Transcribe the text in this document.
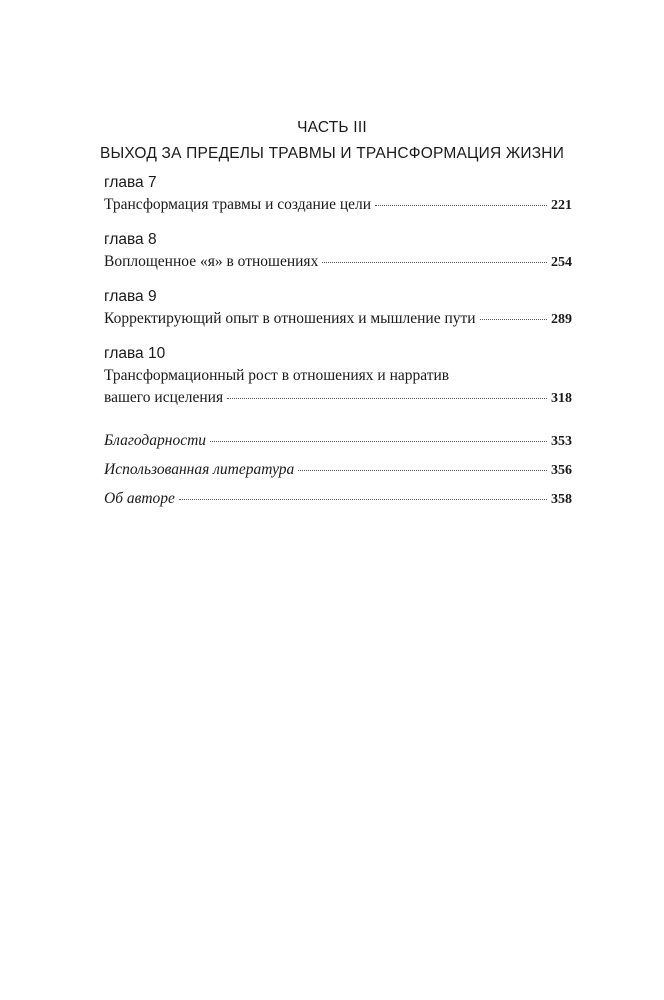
ЧАСТЬ III
ВЫХОД ЗА ПРЕДЕЛЫ ТРАВМЫ И ТРАНСФОРМАЦИЯ ЖИЗНИ
глава 7
Трансформация травмы и создание цели	221
глава 8
Воплощенное «я» в отношениях	254
глава 9
Корректирующий опыт в отношениях и мышление пути	289
глава 10
Трансформационный рост в отношениях и нарратив
вашего исцеления	318
Благодарности	353
Использованная литература	356
Об авторе	358
